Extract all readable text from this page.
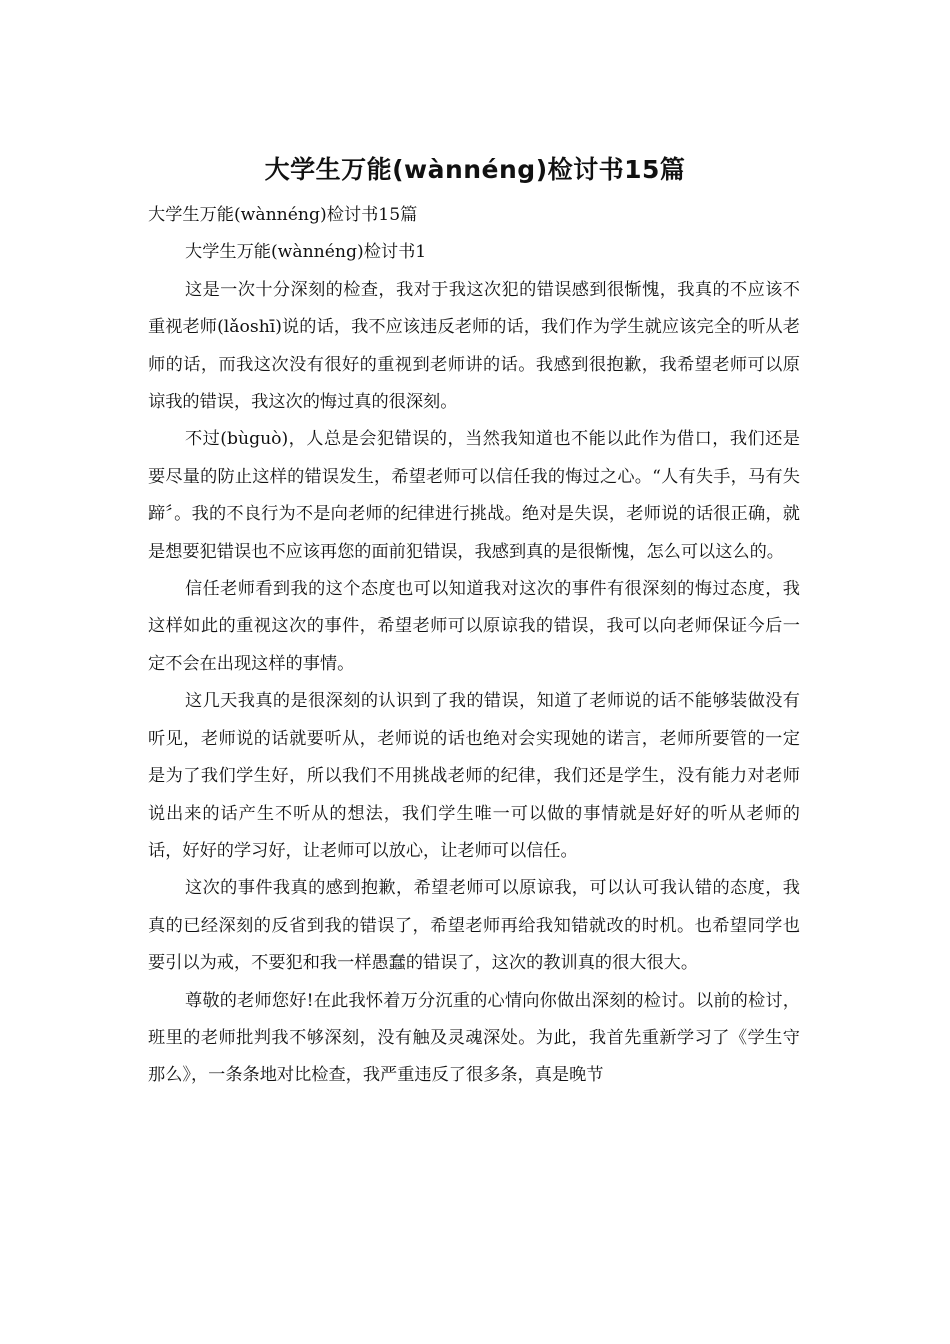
大学生万能(wànnéng)检讨书15篇

大学生万能(wànnéng)检讨书15篇

大学生万能(wànnéng)检讨书1

这是一次十分深刻的检查，我对于我这次犯的错误感到很惭愧，我真的不应该不重视老师(lǎoshī)说的话，我不应该违反老师的话，我们作为学生就应该完全的听从老师的话，而我这次没有很好的重视到老师讲的话。我感到很抱歉，我希望老师可以原谅我的错误，我这次的悔过真的很深刻。

不过(bùguò)，人总是会犯错误的，当然我知道也不能以此作为借口，我们还是要尽量的防止这样的错误发生，希望老师可以信任我的悔过之心。“人有失手，马有失蹄〞。我的不良行为不是向老师的纪律进行挑战。绝对是失误，老师说的话很正确，就是想要犯错误也不应该再您的面前犯错误，我感到真的是很惭愧，怎么可以这么的。

信任老师看到我的这个态度也可以知道我对这次的事件有很深刻的悔过态度，我这样如此的重视这次的事件，希望老师可以原谅我的错误，我可以向老师保证今后一定不会在出现这样的事情。

这几天我真的是很深刻的认识到了我的错误，知道了老师说的话不能够装做没有听见，老师说的话就要听从，老师说的话也绝对会实现她的诺言，老师所要管的一定是为了我们学生好，所以我们不用挑战老师的纪律，我们还是学生，没有能力对老师说出来的话产生不听从的想法，我们学生唯一可以做的事情就是好好的听从老师的话，好好的学习好，让老师可以放心，让老师可以信任。

这次的事件我真的感到抱歉，希望老师可以原谅我，可以认可我认错的态度，我真的已经深刻的反省到我的错误了，希望老师再给我知错就改的时机。也希望同学也要引以为戒，不要犯和我一样愚蠢的错误了，这次的教训真的很大很大。

尊敬的老师您好!在此我怀着万分沉重的心情向你做出深刻的检讨。以前的检讨，班里的老师批判我不够深刻，没有触及灵魂深处。为此，我首先重新学习了《学生守那么》，一条条地对比检查，我严重违反了很多条，真是晚节
